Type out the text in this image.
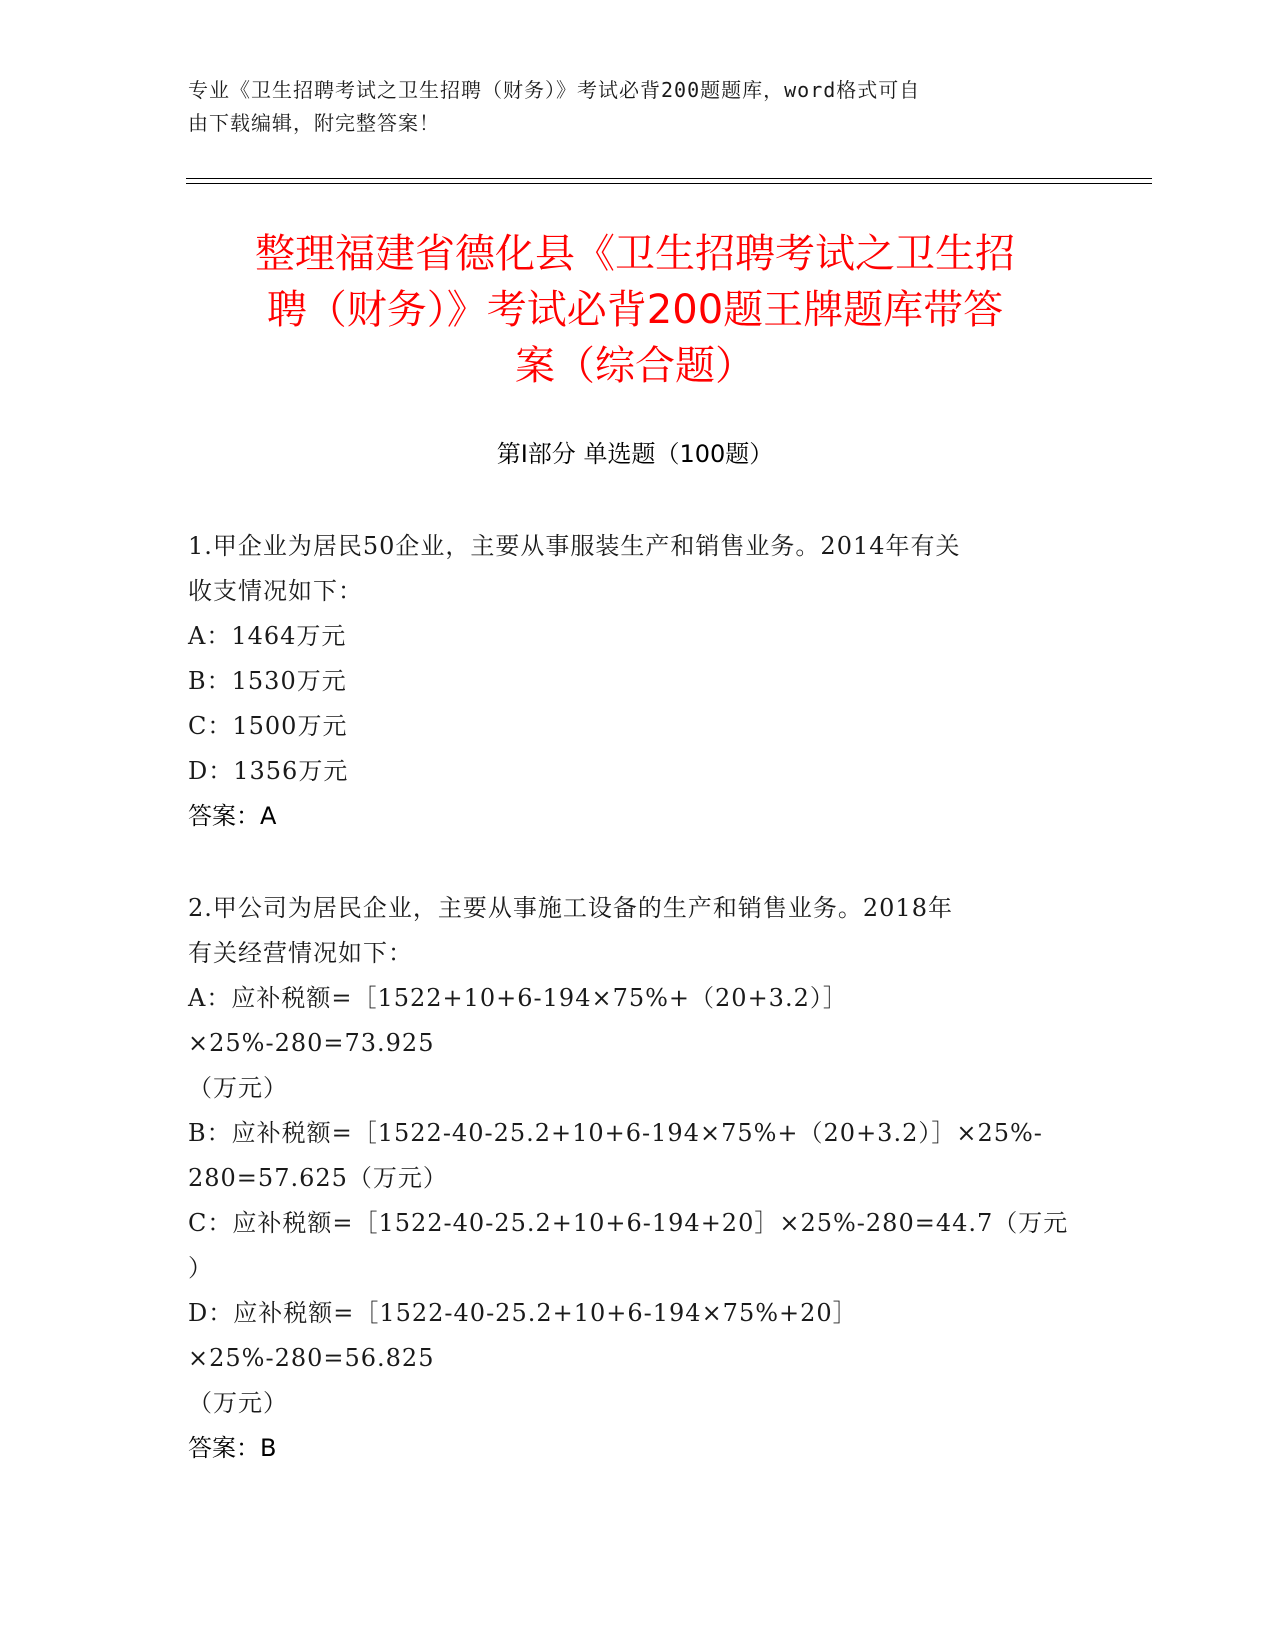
专业《卫生招聘考试之卫生招聘（财务）》考试必背200题题库，word格式可自
由下载编辑，附完整答案！
整理福建省德化县《卫生招聘考试之卫生招
聘（财务）》考试必背200题王牌题库带答
案（综合题）
第Ⅰ部分 单选题（100题）
1.甲企业为居民50企业，主要从事服装生产和销售业务。2014年有关
收支情况如下：
A：1464万元
B：1530万元
C：1500万元
D：1356万元
答案：A
2.甲公司为居民企业，主要从事施工设备的生产和销售业务。2018年
有关经营情况如下：
A：应补税额=［1522+10+6-194×75%+（20+3.2）］×25%-280=73.925
（万元）
B：应补税额=［1522-40-25.2+10+6-194×75%+（20+3.2）］×25%-
280=57.625（万元）
C：应补税额=［1522-40-25.2+10+6-194+20］×25%-280=44.7（万元
）
D：应补税额=［1522-40-25.2+10+6-194×75%+20］×25%-280=56.825
（万元）
答案：B
